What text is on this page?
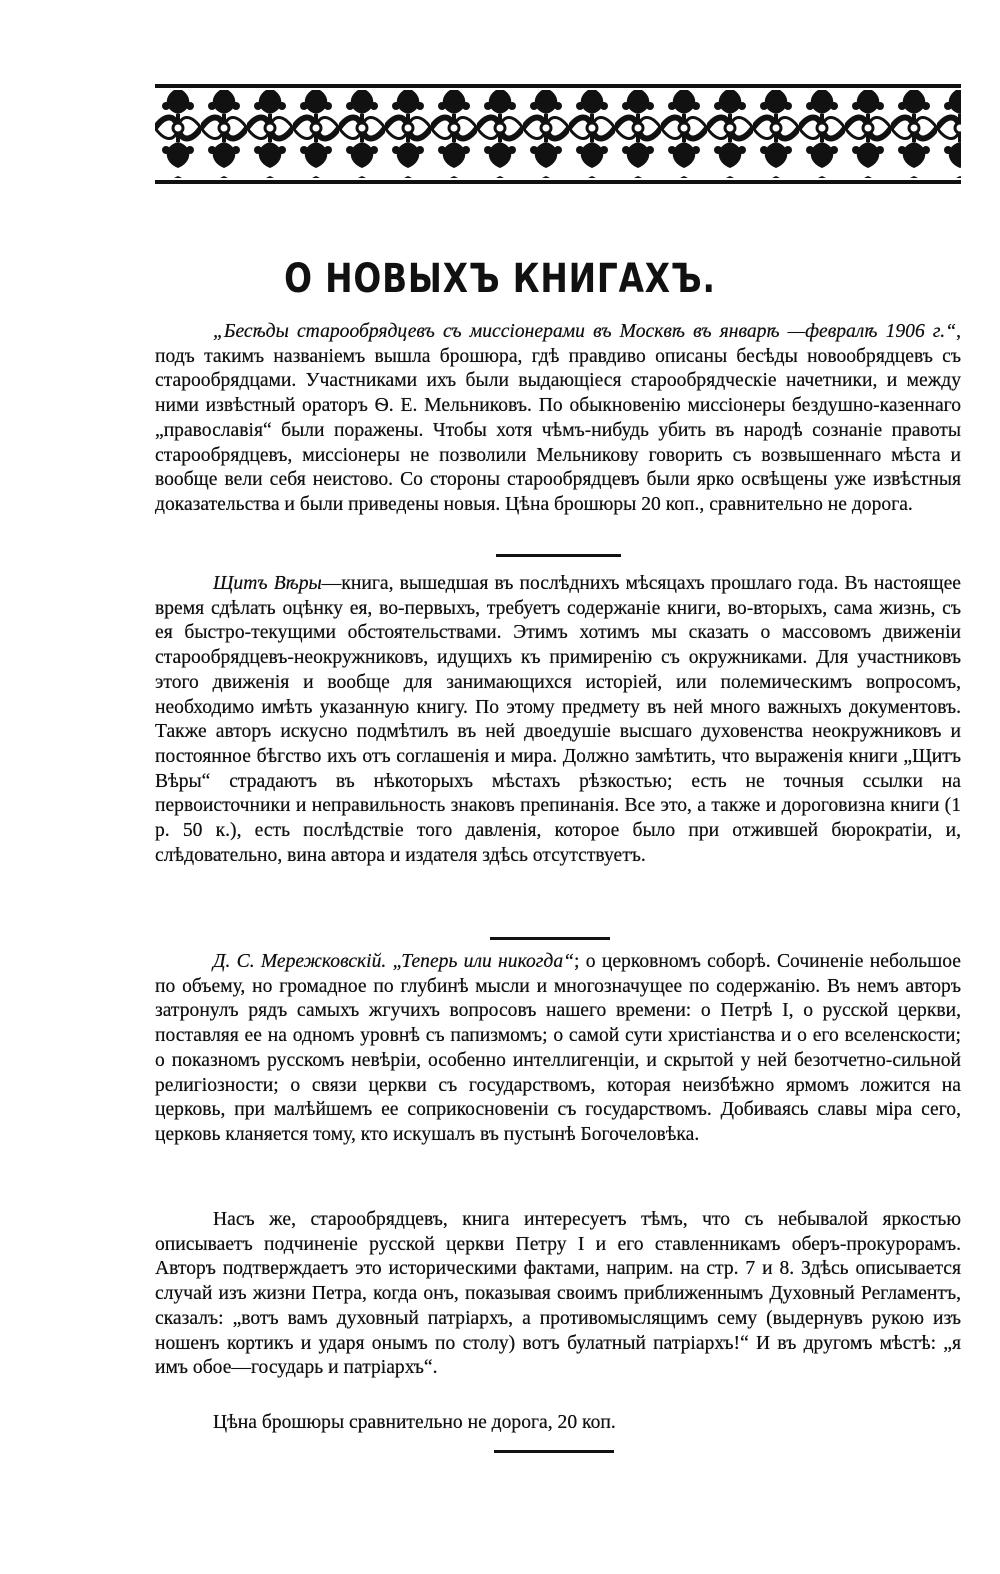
О НОВЫХЪ КНИГАХЪ.

„Бесѣды старообрядцевъ съ миссіонерами въ Москвѣ въ январѣ —февралѣ 1906 г.“, подъ такимъ названіемъ вышла брошюра, гдѣ правдиво описаны бесѣды новообрядцевъ съ старообрядцами. Участниками ихъ были выдающіеся старообрядческіе начетники, и между ними извѣстный ораторъ Ѳ. Е. Мельниковъ. По обыкновенію миссіонеры бездушно-казеннаго „православія“ были поражены. Чтобы хотя чѣмъ-нибудь убить въ народѣ сознаніе правоты старообрядцевъ, миссіонеры не позволили Мельникову говорить съ возвышеннаго мѣста и вообще вели себя неистово. Со стороны старообрядцевъ были ярко освѣщены уже извѣстныя доказательства и были приведены новыя. Цѣна брошюры 20 коп., сравнительно не дорога.

Щитъ Вѣры—книга, вышедшая въ послѣднихъ мѣсяцахъ прошлаго года. Въ настоящее время сдѣлать оцѣнку ея, во-первыхъ, требуетъ содержаніе книги, во-вторыхъ, сама жизнь, съ ея быстро-текущими обстоятельствами. Этимъ хотимъ мы сказать о массовомъ движеніи старообрядцевъ-неокружниковъ, идущихъ къ примиренію съ окружниками. Для участниковъ этого движенія и вообще для занимающихся исторіей, или полемическимъ вопросомъ, необходимо имѣть указанную книгу. По этому предмету въ ней много важныхъ документовъ. Также авторъ искусно подмѣтилъ въ ней двоедушіе высшаго духовенства неокружниковъ и постоянное бѣгство ихъ отъ соглашенія и мира. Должно замѣтить, что выраженія книги „Щитъ Вѣры“ страдаютъ въ нѣкоторыхъ мѣстахъ рѣзкостью; есть не точныя ссылки на первоисточники и неправильность знаковъ препинанія. Все это, а также и дороговизна книги (1 р. 50 к.), есть послѣдствіе того давленія, которое было при отжившей бюрократіи, и, слѣдовательно, вина автора и издателя здѣсь отсутствуетъ.

Д. С. Мережковскій. „Теперь или никогда“; о церковномъ соборѣ. Сочиненіе небольшое по объему, но громадное по глубинѣ мысли и многозначущее по содержанію. Въ немъ авторъ затронулъ рядъ самыхъ жгучихъ вопросовъ нашего времени: о Петрѣ I, о русской церкви, поставляя ее на одномъ уровнѣ съ папизмомъ; о самой сути христіанства и о его вселенскости; о показномъ русскомъ невѣріи, особенно интеллигенціи, и скрытой у ней безотчетно-сильной религіозности; о связи церкви съ государствомъ, которая неизбѣжно ярмомъ ложится на церковь, при малѣйшемъ ее соприкосновеніи съ государствомъ. Добиваясь славы міра сего, церковь кланяется тому, кто искушалъ въ пустынѣ Богочеловѣка.

Насъ же, старообрядцевъ, книга интересуетъ тѣмъ, что съ небывалой яркостью описываетъ подчиненіе русской церкви Петру I и его ставленникамъ оберъ-прокурорамъ. Авторъ подтверждаетъ это историческими фактами, наприм. на стр. 7 и 8. Здѣсь описывается случай изъ жизни Петра, когда онъ, показывая своимъ приближеннымъ Духовный Регламентъ, сказалъ: „вотъ вамъ духовный патріархъ, а противомыслящимъ сему (выдернувъ рукою изъ ношенъ кортикъ и ударя онымъ по столу) вотъ булатный патріархъ!“ И въ другомъ мѣстѣ: „я имъ обое—государь и патріархъ“.

Цѣна брошюры сравнительно не дорога, 20 коп.
